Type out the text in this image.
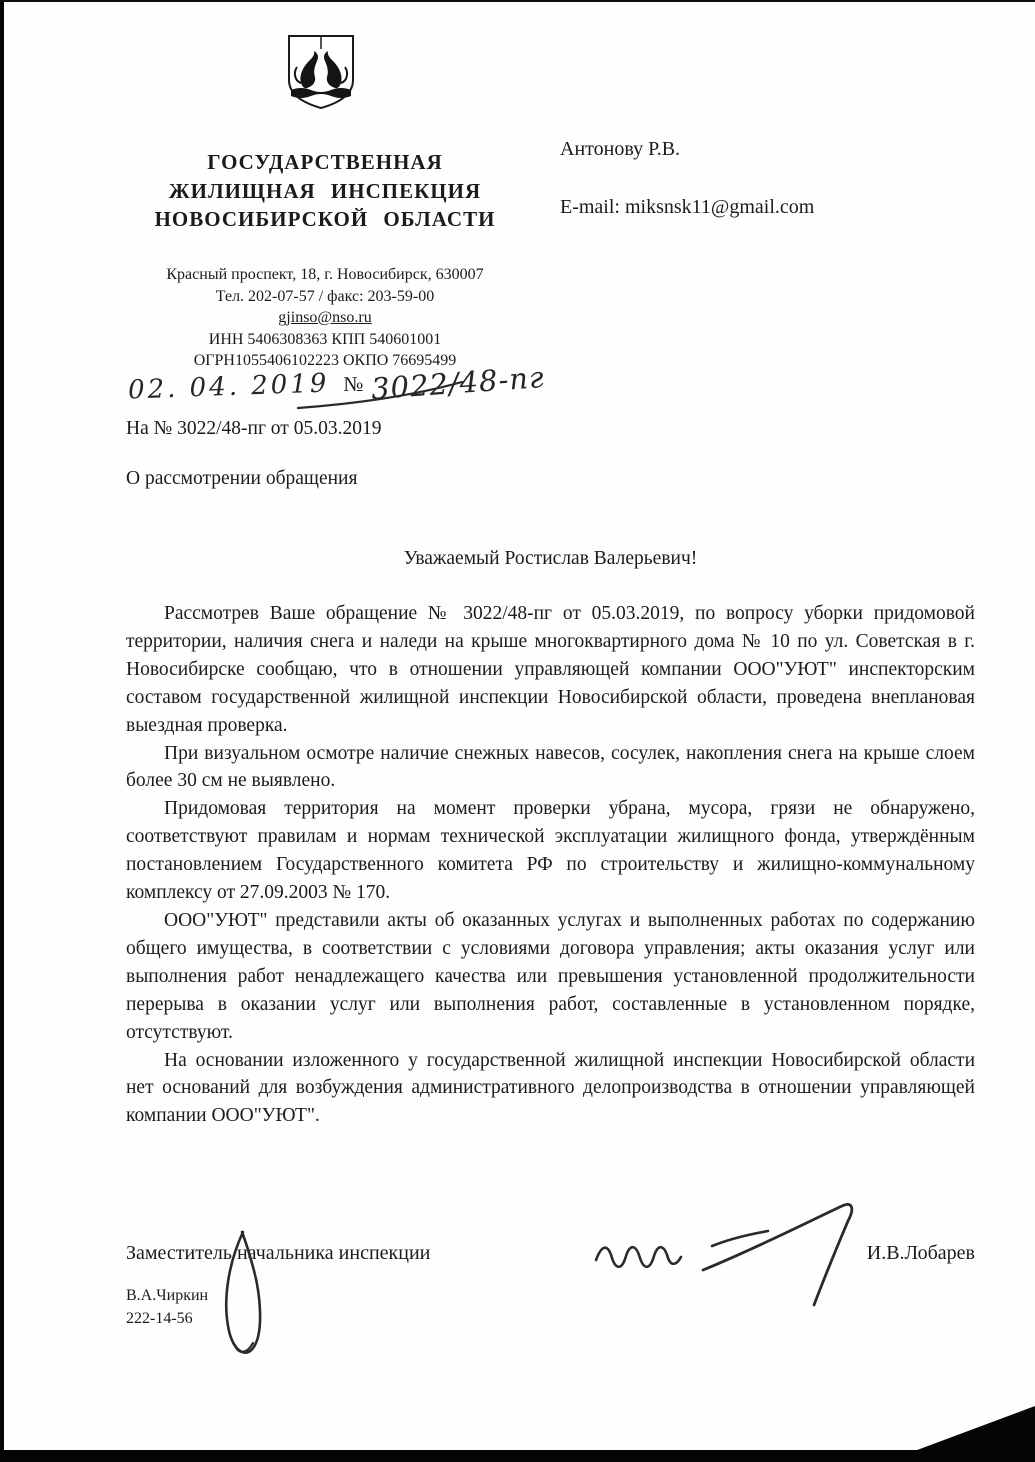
ГОСУДАРСТВЕННАЯ
ЖИЛИЩНАЯ ИНСПЕКЦИЯ
НОВОСИБИРСКОЙ ОБЛАСТИ
Красный проспект, 18, г. Новосибирск, 630007
Тел. 202-07-57 / факс: 203-59-00
gjinso@nso.ru
ИНН 5406308363 КПП 540601001
ОГРН1055406102223 ОКПО 76695499
02. 04. 2019 № 3022/48-пг
На № 3022/48-пг от 05.03.2019
Антонову Р.В.
E-mail: miksnsk11@gmail.com
О рассмотрении обращения
Уважаемый Ростислав Валерьевич!

Рассмотрев Ваше обращение № 3022/48-пг от 05.03.2019, по вопросу уборки придомовой территории, наличия снега и наледи на крыше многоквартирного дома № 10 по ул. Советская в г. Новосибирске сообщаю, что в отношении управляющей компании ООО"УЮТ" инспекторским составом государственной жилищной инспекции Новосибирской области, проведена внеплановая выездная проверка.

При визуальном осмотре наличие снежных навесов, сосулек, накопления снега на крыше слоем более 30 см не выявлено.

Придомовая территория на момент проверки убрана, мусора, грязи не обнаружено, соответствуют правилам и нормам технической эксплуатации жилищного фонда, утверждённым постановлением Государственного комитета РФ по строительству и жилищно-коммунальному комплексу от 27.09.2003 № 170.

ООО"УЮТ" представили акты об оказанных услугах и выполненных работах по содержанию общего имущества, в соответствии с условиями договора управления; акты оказания услуг или выполнения работ ненадлежащего качества или превышения установленной продолжительности перерыва в оказании услуг или выполнения работ, составленные в установленном порядке, отсутствуют.

На основании изложенного у государственной жилищной инспекции Новосибирской области нет оснований для возбуждения административного делопроизводства в отношении управляющей компании ООО"УЮТ".

Заместитель начальника инспекции	И.В.Лобарев
В.А.Чиркин
222-14-56
